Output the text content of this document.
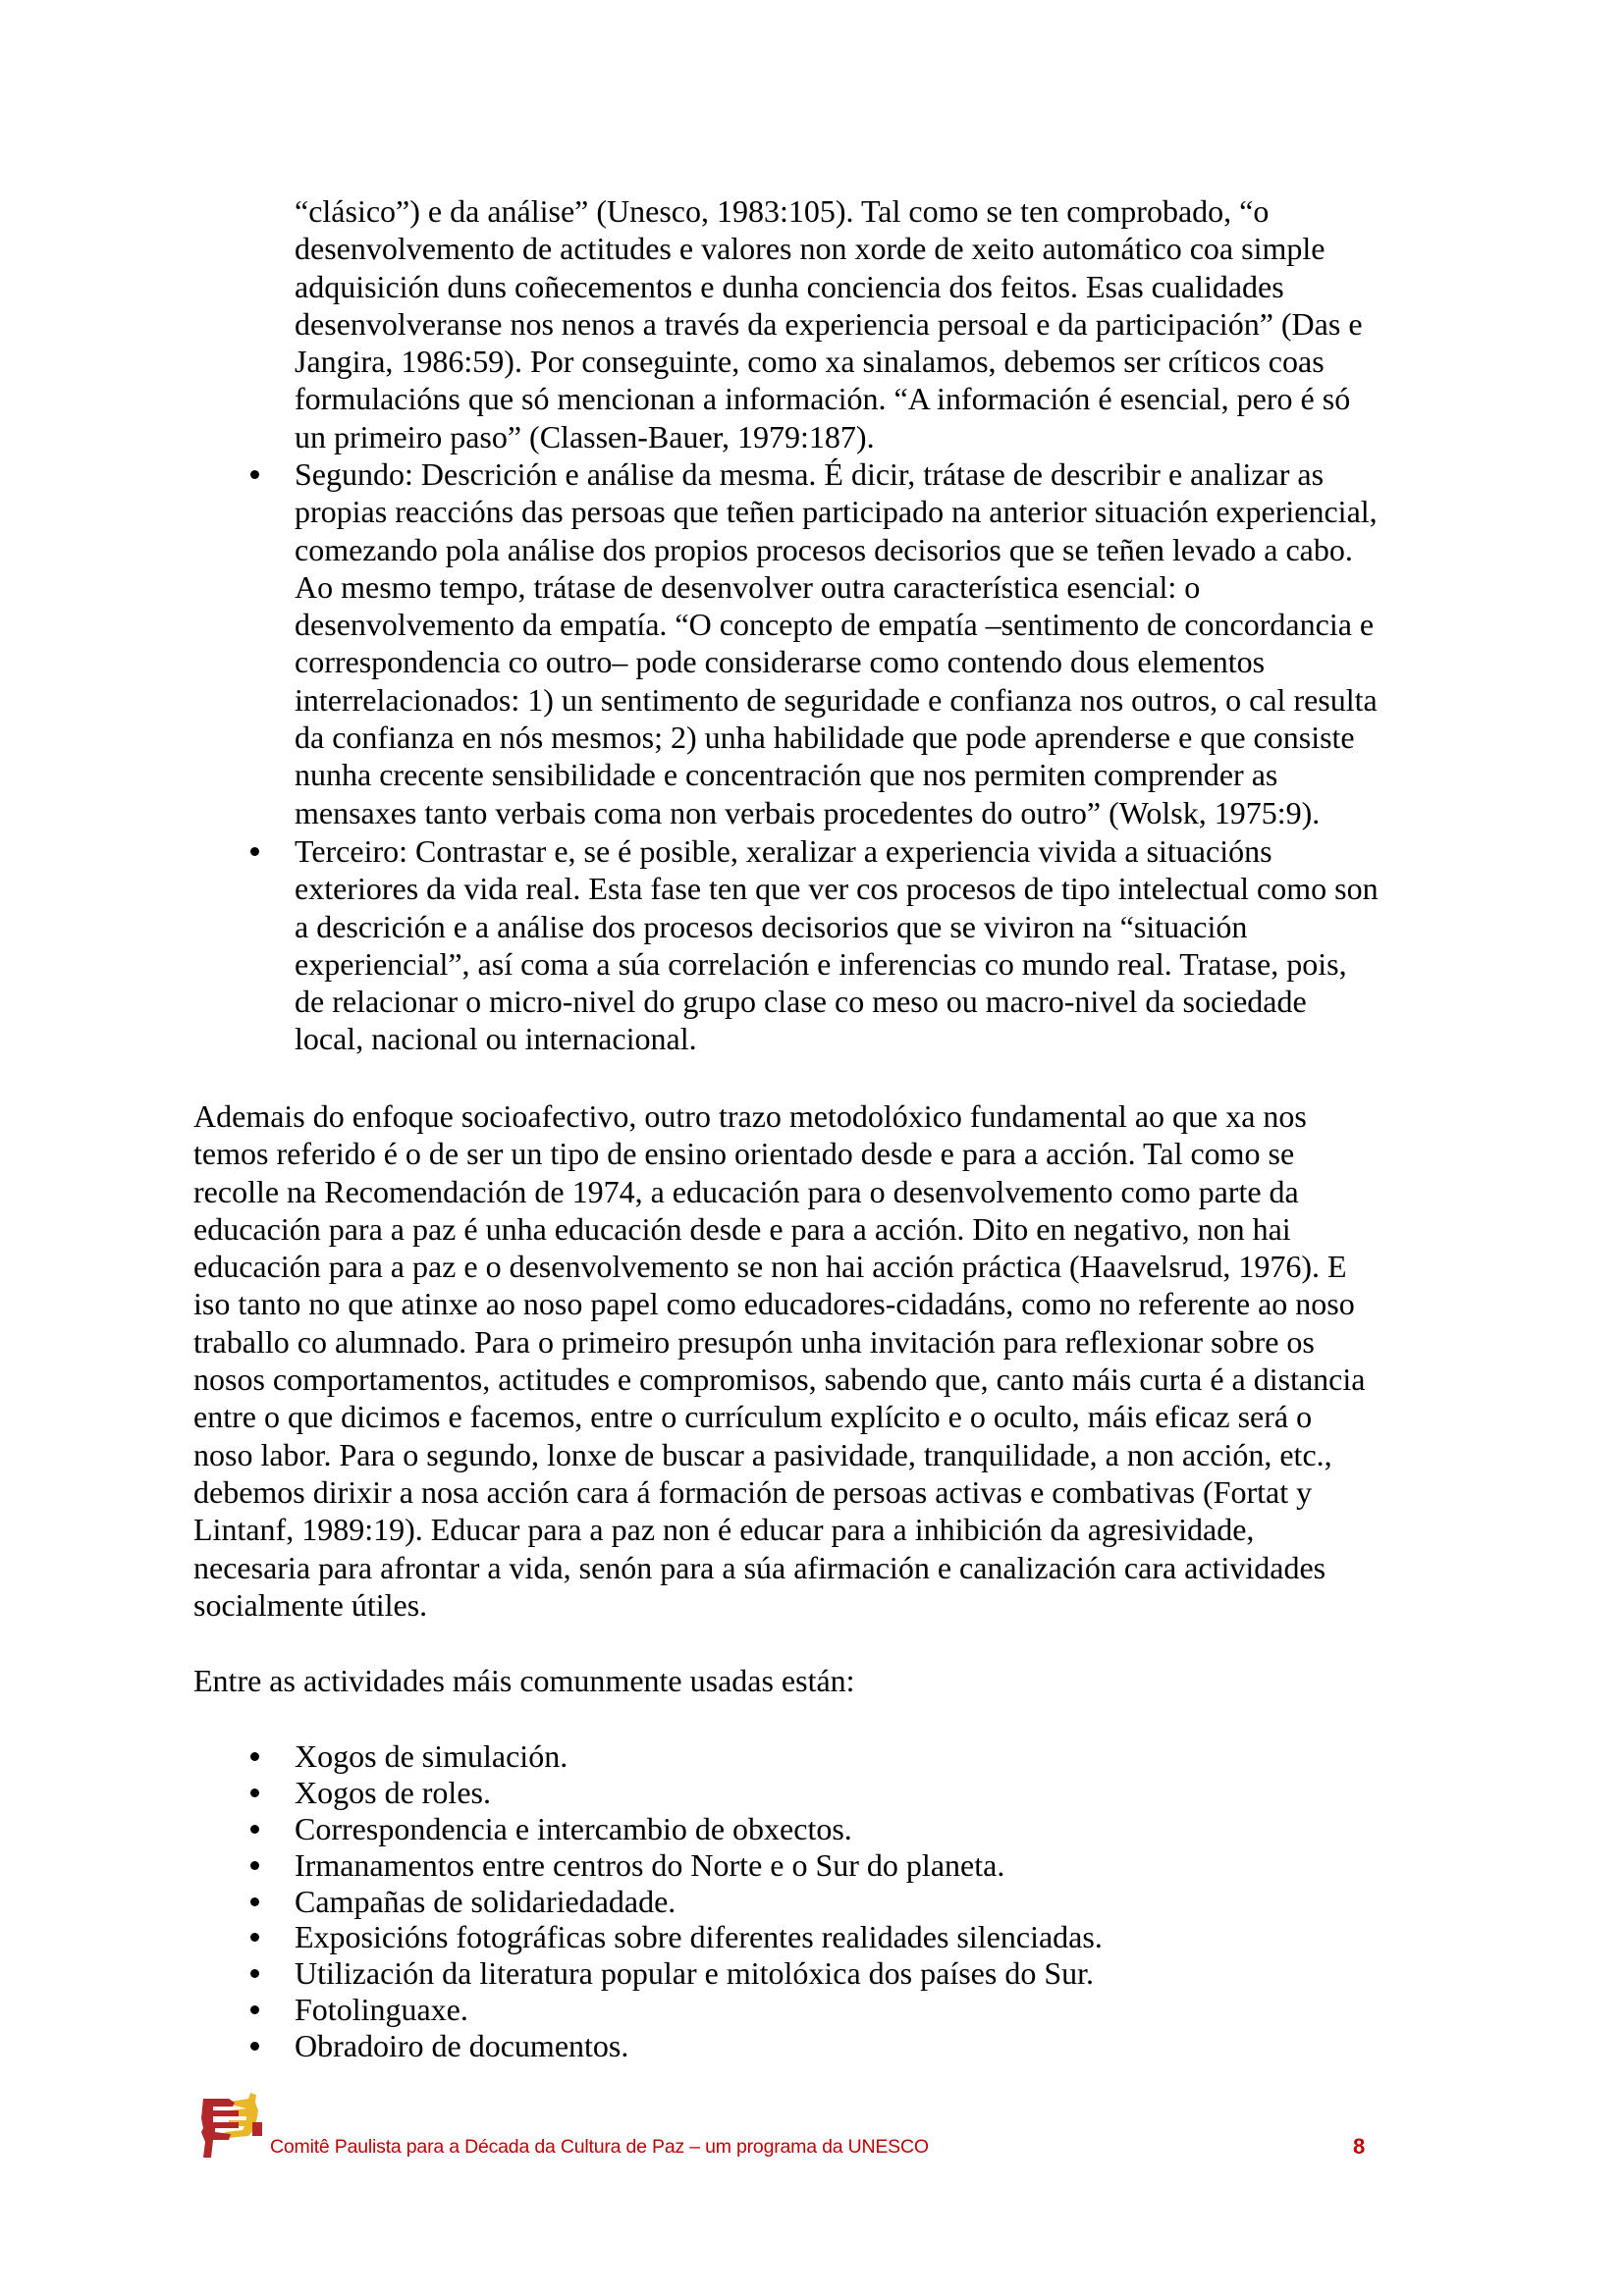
“clásico”) e da análise” (Unesco, 1983:105). Tal como se ten comprobado, “o
desenvolvemento de actitudes e valores non xorde de xeito automático coa simple
adquisición duns coñecementos e dunha conciencia dos feitos. Esas cualidades
desenvolveranse nos nenos a través da experiencia persoal e da participación” (Das e
Jangira, 1986:59). Por conseguinte, como xa sinalamos, debemos ser críticos coas
formulacións que só mencionan a información. “A información é esencial, pero é só
un primeiro paso” (Classen-Bauer, 1979:187).
Segundo: Descrición e análise da mesma. É dicir, trátase de describir e analizar as
propias reaccións das persoas que teñen participado na anterior situación experiencial,
comezando pola análise dos propios procesos decisorios que se teñen levado a cabo.
Ao mesmo tempo, trátase de desenvolver outra característica esencial: o
desenvolvemento da empatía. “O concepto de empatía –sentimento de concordancia e
correspondencia co outro– pode considerarse como contendo dous elementos
interrelacionados: 1) un sentimento de seguridade e confianza nos outros, o cal resulta
da confianza en nós mesmos; 2) unha habilidade que pode aprenderse e que consiste
nunha crecente sensibilidade e concentración que nos permiten comprender as
mensaxes tanto verbais coma non verbais procedentes do outro” (Wolsk, 1975:9).
Terceiro: Contrastar e, se é posible, xeralizar a experiencia vivida a situacións
exteriores da vida real. Esta fase ten que ver cos procesos de tipo intelectual como son
a descrición e a análise dos procesos decisorios que se viviron na “situación
experiencial”, así coma a súa correlación e inferencias co mundo real. Tratase, pois,
de relacionar o micro-nivel do grupo clase co meso ou macro-nivel da sociedade
local, nacional ou internacional.
Ademais do enfoque socioafectivo, outro trazo metodolóxico fundamental ao que xa nos
temos referido é o de ser un tipo de ensino orientado desde e para a acción. Tal como se
recolle na Recomendación de 1974, a educación para o desenvolvemento como parte da
educación para a paz é unha educación desde e para a acción. Dito en negativo, non hai
educación para a paz e o desenvolvemento se non hai acción práctica (Haavelsrud, 1976). E
iso tanto no que atinxe ao noso papel como educadores-cidadáns, como no referente ao noso
traballo co alumnado. Para o primeiro presupón unha invitación para reflexionar sobre os
nosos comportamentos, actitudes e compromisos, sabendo que, canto máis curta é a distancia
entre o que dicimos e facemos, entre o currículum explícito e o oculto, máis eficaz será o
noso labor. Para o segundo, lonxe de buscar a pasividade, tranquilidade, a non acción, etc.,
debemos dirixir a nosa acción cara á formación de persoas activas e combativas (Fortat y
Lintanf, 1989:19). Educar para a paz non é educar para a inhibición da agresividade,
necesaria para afrontar a vida, senón para a súa afirmación e canalización cara actividades
socialmente útiles.
Entre as actividades máis comunmente usadas están:
Xogos de simulación.
Xogos de roles.
Correspondencia e intercambio de obxectos.
Irmanamentos entre centros do Norte e o Sur do planeta.
Campañas de solidariedadade.
Exposicións fotográficas sobre diferentes realidades silenciadas.
Utilización da literatura popular e mitolóxica dos países do Sur.
Fotolinguaxe.
Obradoiro de documentos.
Comitê Paulista para a Década da Cultura de Paz – um programa da UNESCO	8
